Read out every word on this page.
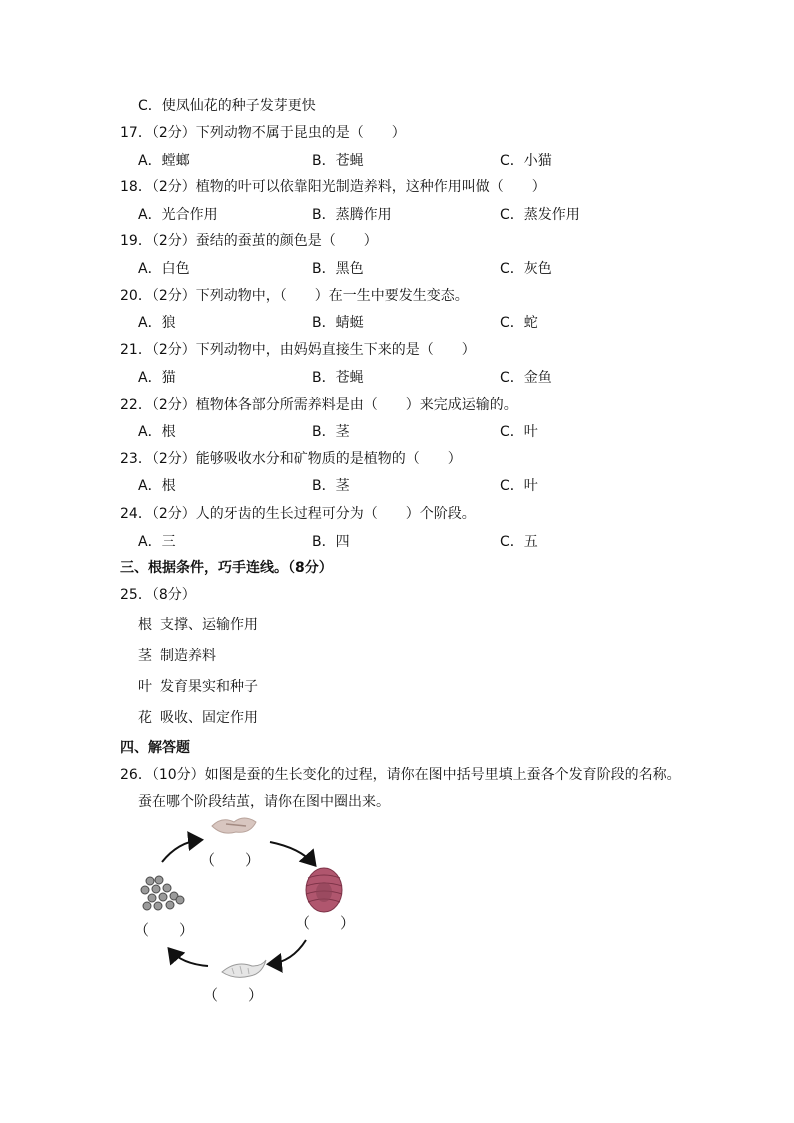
C．使凤仙花的种子发芽更快
17．（2分）下列动物不属于昆虫的是（　　）
A．螳螂	B．苍蝇	C．小猫
18．（2分）植物的叶可以依靠阳光制造养料，这种作用叫做（　　）
A．光合作用	B．蒸腾作用	C．蒸发作用
19．（2分）蚕结的蚕茧的颜色是（　　）
A．白色	B．黑色	C．灰色
20．（2分）下列动物中，（　　）在一生中要发生变态。
A．狼	B．蜻蜓	C．蛇
21．（2分）下列动物中，由妈妈直接生下来的是（　　）
A．猫	B．苍蝇	C．金鱼
22．（2分）植物体各部分所需养料是由（　　）来完成运输的。
A．根	B．茎	C．叶
23．（2分）能够吸收水分和矿物质的是植物的（　　）
A．根	B．茎	C．叶
24．（2分）人的牙齿的生长过程可分为（　　）个阶段。
A．三	B．四	C．五
三、根据条件，巧手连线。（8分）
25．（8分）
根 支撑、运输作用
茎 制造养料
叶 发育果实和种子
花 吸收、固定作用
四、解答题
26．（10分）如图是蚕的生长变化的过程，请你在图中括号里填上蚕各个发育阶段的名称。
蚕在哪个阶段结茧，请你在图中圈出来。
（　　）
（　　）
（　　）
（　　）
